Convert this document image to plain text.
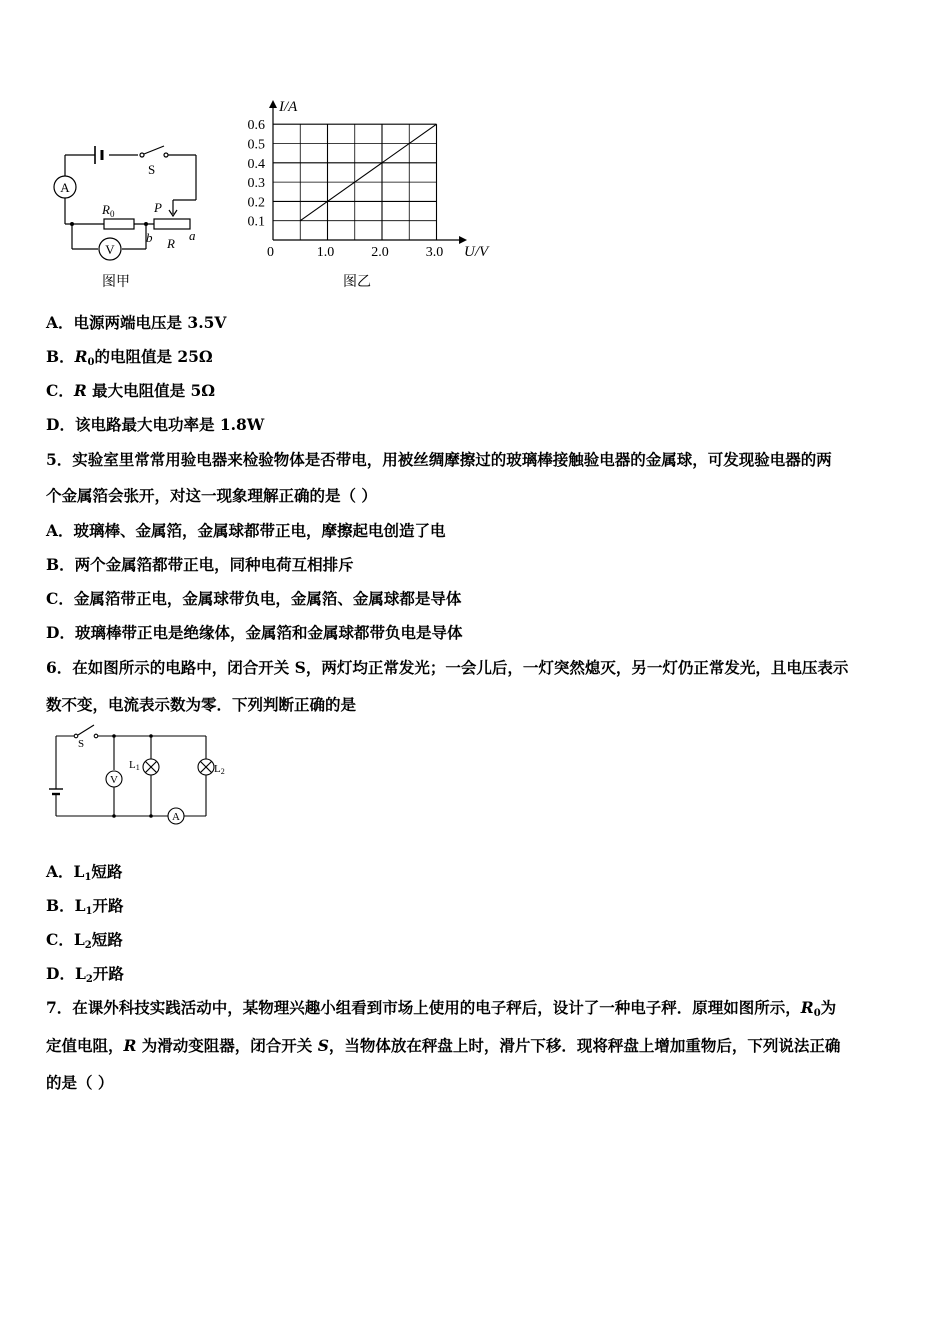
A
V
S
$R_0$	P
R
b	a
图甲
0.1
0.2
0.3
0.4
0.5
0.6
1.0	2.0	3.0
I/A
U/V
0
图乙
A．电源两端电压是 3.5V
B．$R_0$的电阻值是 25Ω
C．R 最大电阻值是 5Ω
D．该电路最大电功率是 1.8W
5．实验室里常常用验电器来检验物体是否带电，用被丝绸摩擦过的玻璃棒接触验电器的金属球，可发现验电器的两
个金属箔会张开，对这一现象理解正确的是（ ）
A．玻璃棒、金属箔，金属球都带正电，摩擦起电创造了电
B．两个金属箔都带正电，同种电荷互相排斥
C．金属箔带正电，金属球带负电，金属箔、金属球都是导体
D．玻璃棒带正电是绝缘体，金属箔和金属球都带负电是导体
6．在如图所示的电路中，闭合开关 S，两灯均正常发光；一会儿后，一灯突然熄灭，另一灯仍正常发光，且电压表示
数不变，电流表示数为零．下列判断正确的是
S
V
A
L1	L2
A．$L_1$短路
B．$L_1$开路
C．$L_2$短路
D．$L_2$开路
7．在课外科技实践活动中，某物理兴趣小组看到市场上使用的电子秤后，设计了一种电子秤．原理如图所示，$R_0$为
定值电阻，R 为滑动变阻器，闭合开关 S，当物体放在秤盘上时，滑片下移．现将秤盘上增加重物后，下列说法正确
的是（ ）
